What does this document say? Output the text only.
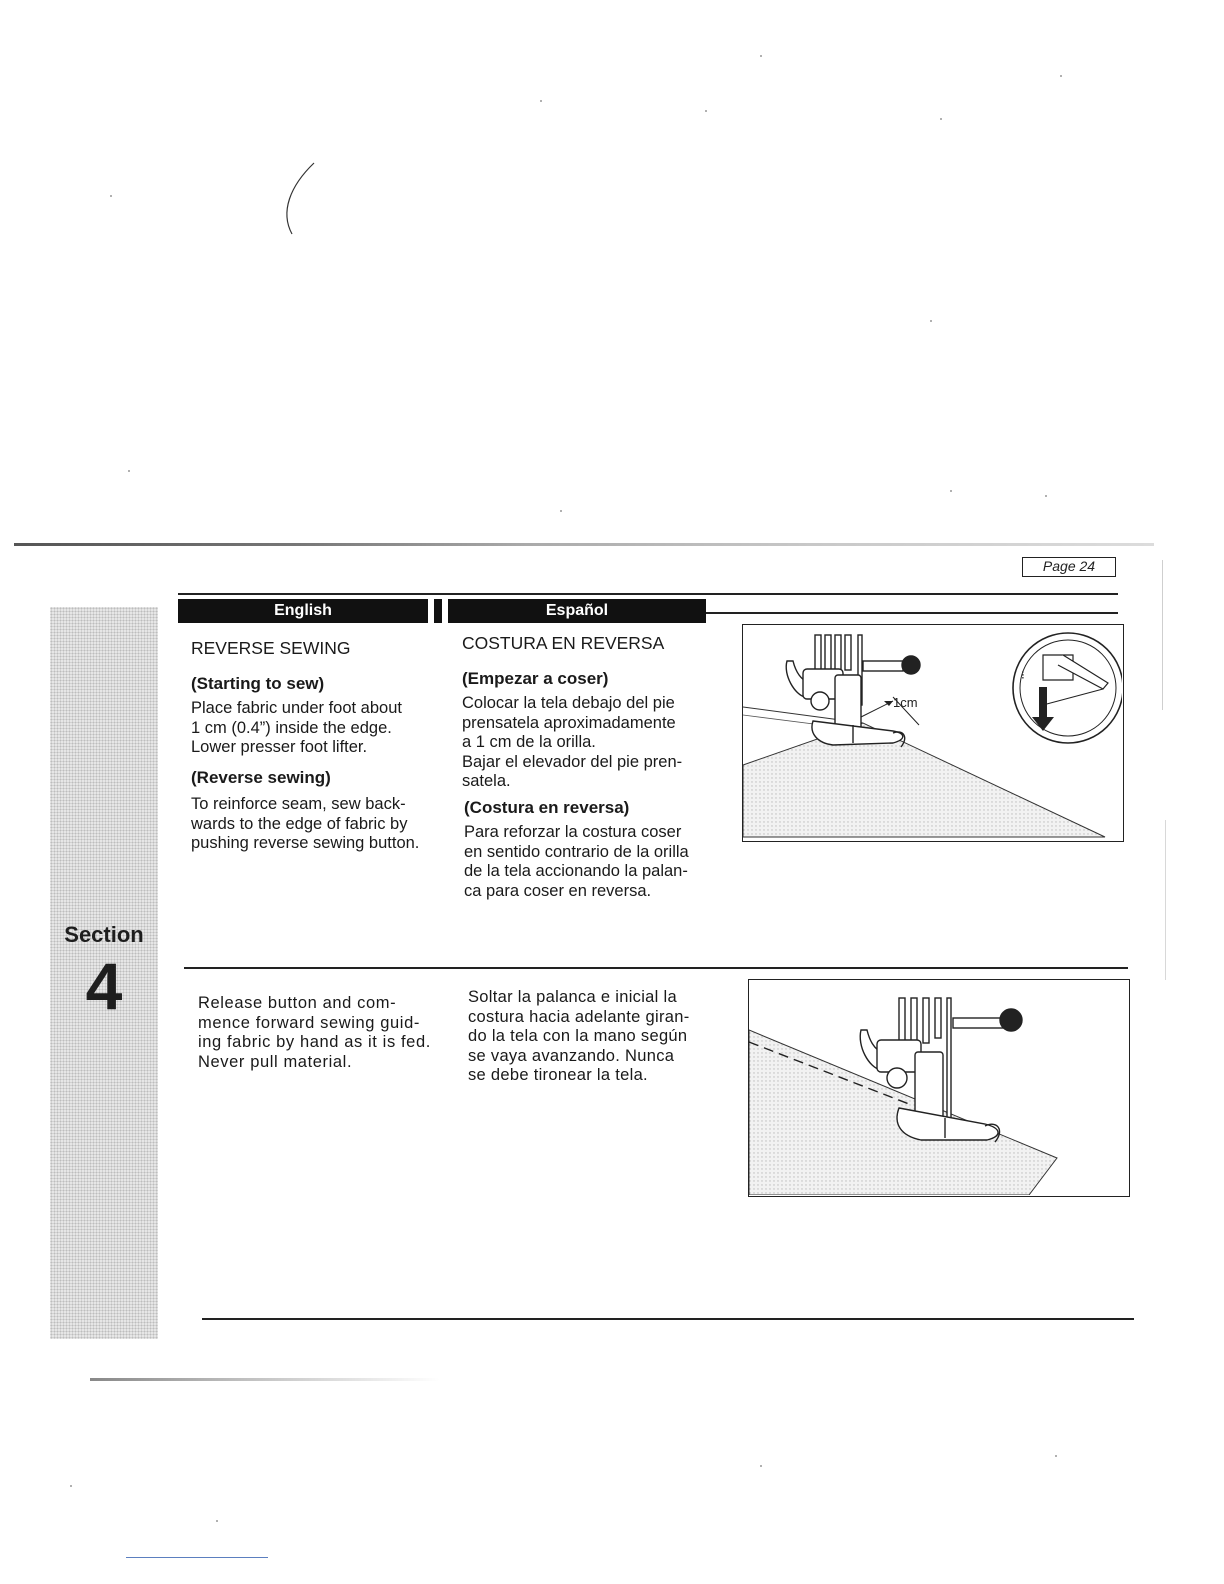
Page 24
English	Español
Section
4
REVERSE SEWING
(Starting to sew)
Place fabric under foot about
1 cm (0.4”) inside the edge.
Lower presser foot lifter.
(Reverse sewing)
To reinforce seam, sew back-
wards to the edge of fabric by
pushing reverse sewing button.
COSTURA EN REVERSA
(Empezar a coser)
Colocar la tela debajo del pie
prensatela aproximadamente
a 1 cm de la orilla.
Bajar el elevador del pie pren-
satela.
(Costura en reversa)
Para reforzar la costura coser
en sentido contrario de la orilla
de la tela accionando la palan-
ca para coser en reversa.
1cm
⁝
Release button and com-
mence forward sewing guid-
ing fabric by hand as it is fed.
Never pull material.
Soltar la palanca e inicial la
costura hacia adelante giran-
do la tela con la mano según
se vaya avanzando. Nunca
se debe tironear la tela.
